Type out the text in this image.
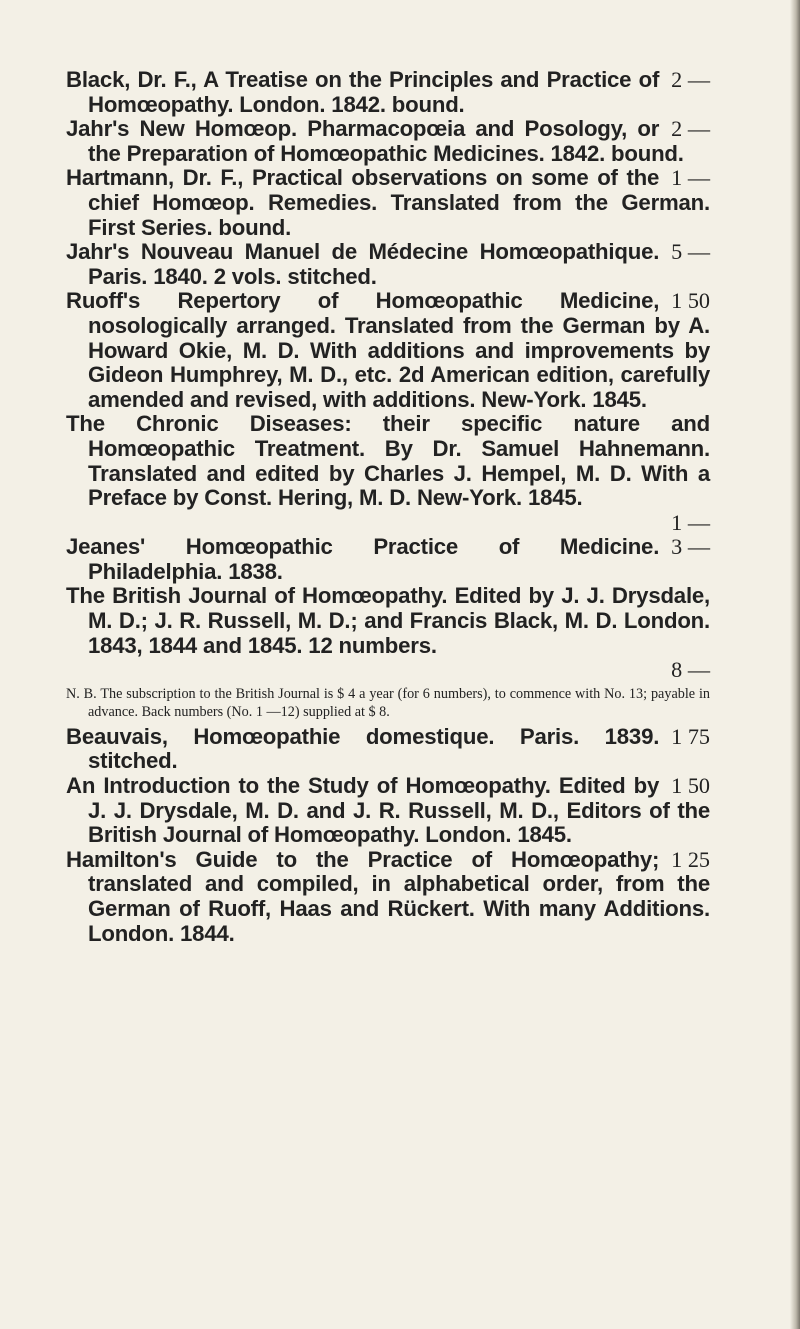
2 —
Black, Dr. F., A Treatise on the Principles and Practice of Homœopathy. London. 1842. bound.
2 —
Jahr's New Homœop. Pharmacopœia and Posology, or the Preparation of Homœopathic Medicines. 1842. bound.
1 —
Hartmann, Dr. F., Practical observations on some of the chief Homœop. Remedies. Translated from the German. First Series. bound.
5 —
Jahr's Nouveau Manuel de Médecine Homœopathique. Paris. 1840. 2 vols. stitched.
1 50
Ruoff's Repertory of Homœopathic Medicine, nosologically arranged. Translated from the German by A. Howard Okie, M. D. With additions and improvements by Gideon Humphrey, M. D., etc. 2d American edition, carefully amended and revised, with additions. New-York. 1845.
The Chronic Diseases: their specific nature and Homœopathic Treatment. By Dr. Samuel Hahnemann. Translated and edited by Charles J. Hempel, M. D. With a Preface by Const. Hering, M. D. New-York. 1845.
1 —
3 —
Jeanes' Homœopathic Practice of Medicine. Philadelphia. 1838.
The British Journal of Homœopathy. Edited by J. J. Drysdale, M. D.; J. R. Russell, M. D.; and Francis Black, M. D. London. 1843, 1844 and 1845. 12 numbers.
8 —
N. B. The subscription to the British Journal is $ 4 a year (for 6 numbers), to commence with No. 13; payable in advance. Back numbers (No. 1 —12) supplied at $ 8.
1 75
Beauvais, Homœopathie domestique. Paris. 1839. stitched.
1 50
An Introduction to the Study of Homœopathy. Edited by J. J. Drysdale, M. D. and J. R. Russell, M. D., Editors of the British Journal of Homœopathy. London. 1845.
1 25
Hamilton's Guide to the Practice of Homœopathy; translated and compiled, in alphabetical order, from the German of Ruoff, Haas and Rückert. With many Additions. London. 1844.
